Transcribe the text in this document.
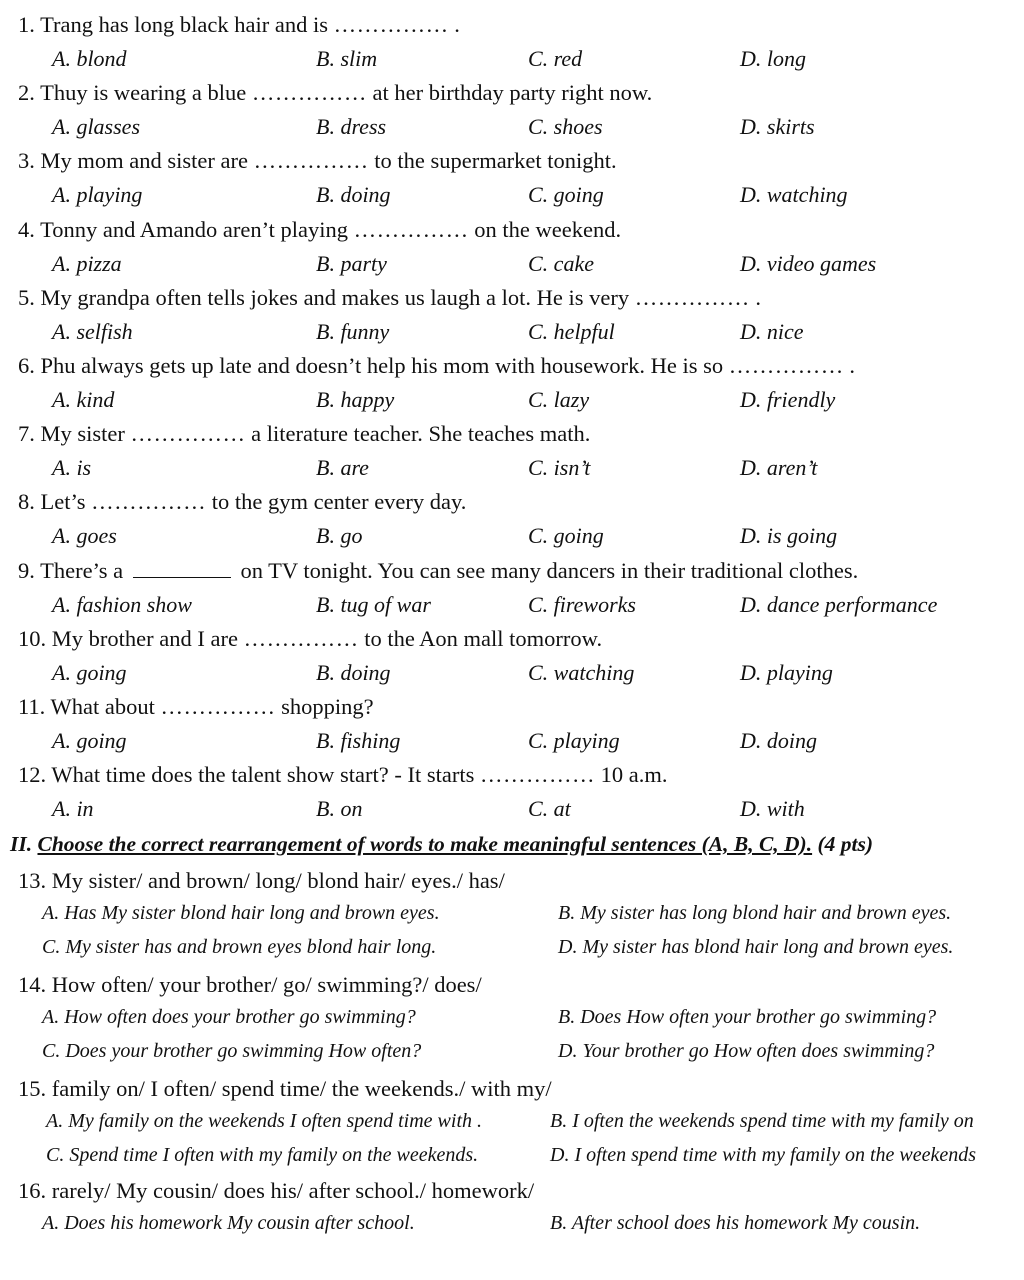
1. Trang has long black hair and is …………… .
A. blond	B. slim	C. red	D. long
2. Thuy is wearing a blue …………… at her birthday party right now.
A. glasses	B. dress	C. shoes	D. skirts
3. My mom and sister are …………… to the supermarket tonight.
A. playing	B. doing	C. going	D. watching
4. Tonny and Amando aren’t playing …………… on the weekend.
A. pizza	B. party	C. cake	D. video games
5. My grandpa often tells jokes and makes us laugh a lot. He is very …………… .
A. selfish	B. funny	C. helpful	D. nice
6. Phu always gets up late and doesn’t help his mom with housework. He is so …………… .
A. kind	B. happy	C. lazy	D. friendly
7. My sister …………… a literature teacher. She teaches math.
A. is	B. are	C. isn’t	D. aren’t
8. Let’s …………… to the gym center every day.
A. goes	B. go	C. going	D. is going
9. There’s a	on TV tonight. You can see many dancers in their traditional clothes.
A. fashion show	B. tug of war	C. fireworks	D. dance performance
10. My brother and I are …………… to the Aon mall tomorrow.
A. going	B. doing	C. watching	D. playing
11. What about …………… shopping?
A. going	B. fishing	C. playing	D. doing
12. What time does the talent show start? - It starts …………… 10 a.m.
A. in	B. on	C. at	D. with
II. Choose the correct rearrangement of words to make meaningful sentences (A, B, C, D). (4 pts)
13. My sister/ and brown/ long/ blond hair/ eyes./ has/
A. Has My sister blond hair long and brown eyes.	B. My sister has long blond hair and brown eyes.
C. My sister has and brown eyes blond hair long.	D. My sister has blond hair long and brown eyes.
14. How often/ your brother/ go/ swimming?/ does/
A. How often does your brother go swimming?	B. Does How often your brother go swimming?
C. Does your brother go swimming How often?	D. Your brother go How often does swimming?
15. family on/ I often/ spend time/ the weekends./ with my/
A. My family on the weekends I often spend time with .	B. I often the weekends spend time with my family on
C. Spend time I often with my family on the weekends.	D. I often spend time with my family on the weekends
16. rarely/ My cousin/ does his/ after school./ homework/
A. Does his homework My cousin after school.	B. After school does his homework My cousin.
